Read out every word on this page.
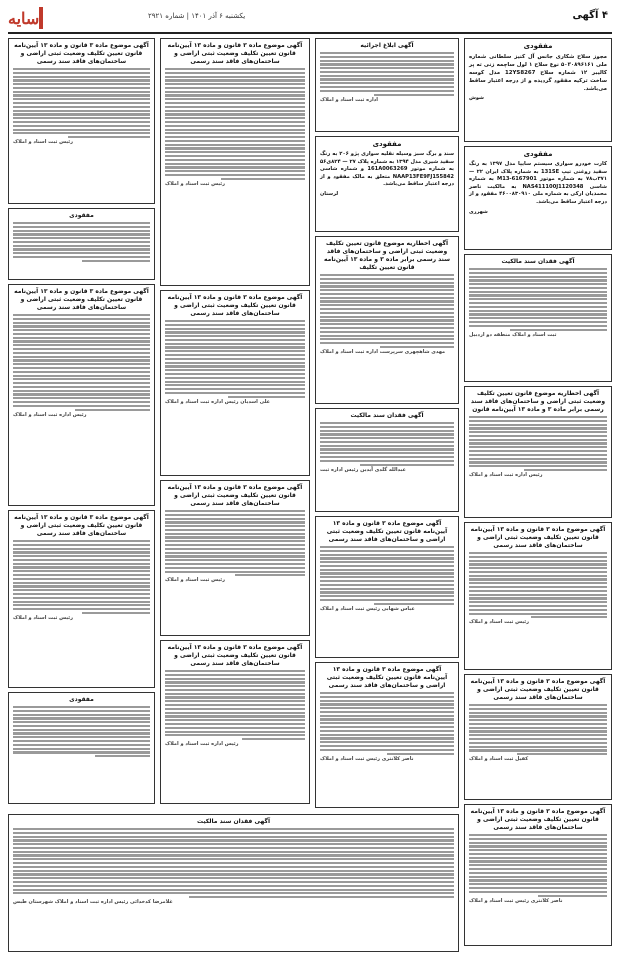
۴ آگهی
یکشنبه ۶ آذر ۱۴۰۱ | شماره ۲۹۲۱
سایه
مفقودی

مجوز سلاح شکاری جانس آل کنیز سلطانی شماره ملی ۵۰۳۰۸۹۶۱۶۱ نوع سلاح ۱ لول ساچمه زنی ته پر کالیبر ۱۲ شماره سلاح 12YS8267 مدل کوسه ساخت ترکیه مفقود گردیده و از درجه اعتبار ساقط می‌باشد.

شوش
مفقودی

کارت خودرو سواری سیستم سایپا مدل ۱۳۹۷ به رنگ سفید روغنی تیپ 131SE به شماره پلاک ایران ۲۲ — ۳۷۱ب۷۸ به شماره موتور M13-6167901 به شماره شاسی NAS411100J1120348 به مالکیت ناصر محمدیان ارکی به شماره ملی ۴۶۰۰۸۳۰۹۱۰ مفقود و از درجه اعتبار ساقط می‌باشد.

شهرری
آگهی فقدان سند مالکیت
ثبت اسناد و املاک منطقه دو اردبیل
آگهی اخطاریه موضوع قانون تعیین تکلیف وضعیت ثبتی اراضی و ساختمان‌های فاقد سند رسمی برابر ماده ۳ و ماده ۱۳ آیین‌نامه قانون
رئیس اداره ثبت اسناد و املاک
آگهی موضوع ماده ۳ قانون و ماده ۱۳ آیین‌نامه قانون تعیین تکلیف وضعیت ثبتی اراضی و ساختمان‌های فاقد سند رسمی
رئیس ثبت اسناد و املاک
آگهی موضوع ماده ۳ قانون و ماده ۱۳ آیین‌نامه قانون تعیین تکلیف وضعیت ثبتی اراضی و ساختمان‌های فاقد سند رسمی
کفیل ثبت اسناد و املاک
آگهی موضوع ماده ۳ قانون و ماده ۱۳ آیین‌نامه قانون تعیین تکلیف وضعیت ثبتی اراضی و ساختمان‌های فاقد سند رسمی
ناصر کلانتری رئیس ثبت اسناد و املاک
آگهی ابلاغ اجرائیه
اداره ثبت اسناد و املاک
مفقودی

سند و برگ سبز وسیله نقلیه سواری پژو ۲۰۶ به رنگ سفید شیری مدل ۱۳۹۴ به شماره پلاک ۲۷ — ۸۲۴ی۵۶ به شماره موتور 161A0063269 و شماره شاسی NAAP13FE9FJ155842 متعلق به مالک مفقود و از درجه اعتبار ساقط می‌باشد.

لرستان
آگهی اخطاریه موضوع قانون تعیین تکلیف وضعیت ثبتی اراضی و ساختمان‌های فاقد سند رسمی برابر ماده ۳ و ماده ۱۳ آیین‌نامه قانون تعیین تکلیف
مهدی شاهچهری سرپرست اداره ثبت اسناد و املاک
آگهی فقدان سند مالکیت
عبدالله گلدی آیدین رئیس اداره ثبت
آگهی موضوع ماده ۳ قانون و ماده ۱۳ آیین‌نامه قانون تعیین تکلیف وضعیت ثبتی اراضی و ساختمان‌های فاقد سند رسمی
عباس شهابی رئیس ثبت اسناد و املاک
آگهی موضوع ماده ۳ قانون و ماده ۱۳ آیین‌نامه قانون تعیین تکلیف وضعیت ثبتی اراضی و ساختمان‌های فاقد سند رسمی
ناصر کلانتری رئیس ثبت اسناد و املاک
آگهی موضوع ماده ۳ قانون و ماده ۱۳ آیین‌نامه قانون تعیین تکلیف وضعیت ثبتی اراضی و ساختمان‌های فاقد سند رسمی
رئیس ثبت اسناد و املاک
آگهی موضوع ماده ۳ قانون و ماده ۱۳ آیین‌نامه قانون تعیین تکلیف وضعیت ثبتی اراضی و ساختمان‌های فاقد سند رسمی
علی اسدیان رئیس اداره ثبت اسناد و املاک
آگهی موضوع ماده ۳ قانون و ماده ۱۳ آیین‌نامه قانون تعیین تکلیف وضعیت ثبتی اراضی و ساختمان‌های فاقد سند رسمی
رئیس ثبت اسناد و املاک
آگهی موضوع ماده ۳ قانون و ماده ۱۳ آیین‌نامه قانون تعیین تکلیف وضعیت ثبتی اراضی و ساختمان‌های فاقد سند رسمی
رئیس اداره ثبت اسناد و املاک
آگهی موضوع ماده ۳ قانون و ماده ۱۳ آیین‌نامه قانون تعیین تکلیف وضعیت ثبتی اراضی و ساختمان‌های فاقد سند رسمی
رئیس ثبت اسناد و املاک
مفقودی
آگهی موضوع ماده ۳ قانون و ماده ۱۳ آیین‌نامه قانون تعیین تکلیف وضعیت ثبتی اراضی و ساختمان‌های فاقد سند رسمی
رئیس اداره ثبت اسناد و املاک
آگهی موضوع ماده ۳ قانون و ماده ۱۳ آیین‌نامه قانون تعیین تکلیف وضعیت ثبتی اراضی و ساختمان‌های فاقد سند رسمی
رئیس ثبت اسناد و املاک
مفقودی
آگهی فقدان سند مالکیت
غلامرضا کدخدائی رئیس اداره ثبت اسناد و املاک شهرستان طبس
